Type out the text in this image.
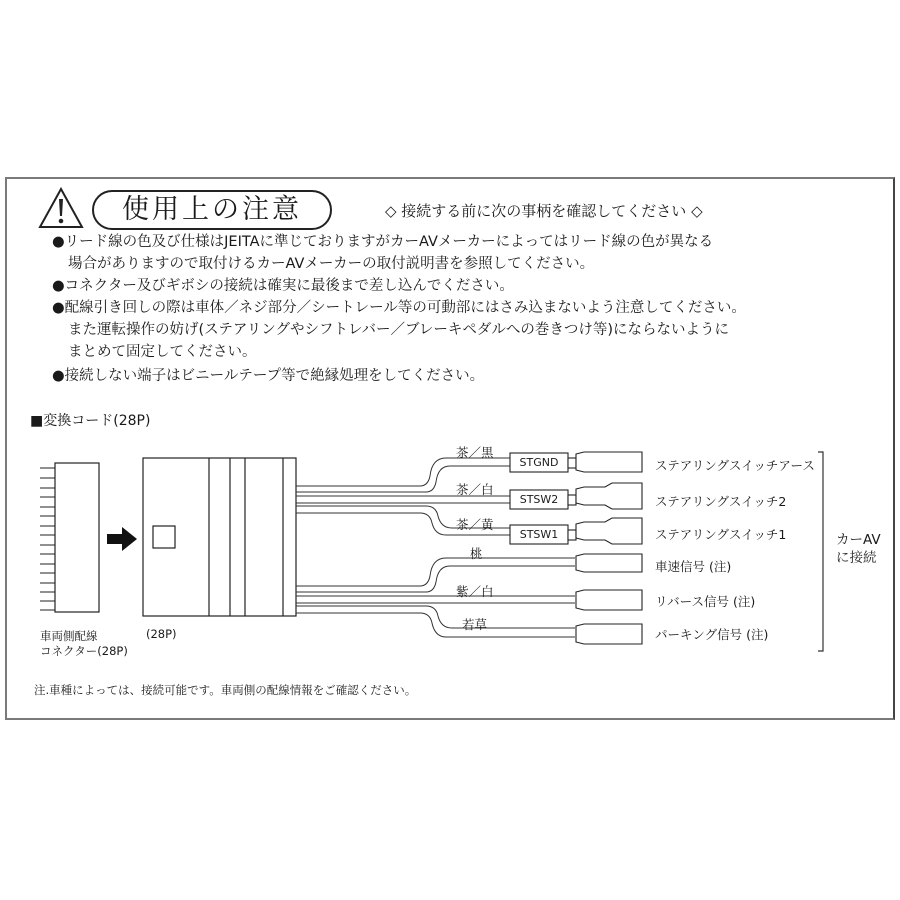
使用上の注意	◇ 接続する前に次の事柄を確認してください ◇
●リード線の色及び仕様はJEITAに準じておりますがカーAVメーカーによってはリード線の色が異なる
場合がありますので取付けるカーAVメーカーの取付説明書を参照してください。
●コネクター及びギボシの接続は確実に最後まで差し込んでください。
●配線引き回しの際は車体／ネジ部分／シートレール等の可動部にはさみ込まないよう注意してください。
また運転操作の妨げ(ステアリングやシフトレバー／ブレーキペダルへの巻きつけ等)にならないように
まとめて固定してください。
●接続しない端子はビニールテープ等で絶縁処理をしてください。
■変換コード(28P)
茶／黒
茶／白
茶／黄
桃
紫／白
若草
STGND
STSW2
STSW1
ステアリングスイッチアース
ステアリングスイッチ2
ステアリングスイッチ1
車速信号 (注)
リバース信号 (注)
パーキング信号 (注)
カーAV
に接続
車両側配線
コネクター(28P)
(28P)
注.車種によっては、接続可能です。車両側の配線情報をご確認ください。
